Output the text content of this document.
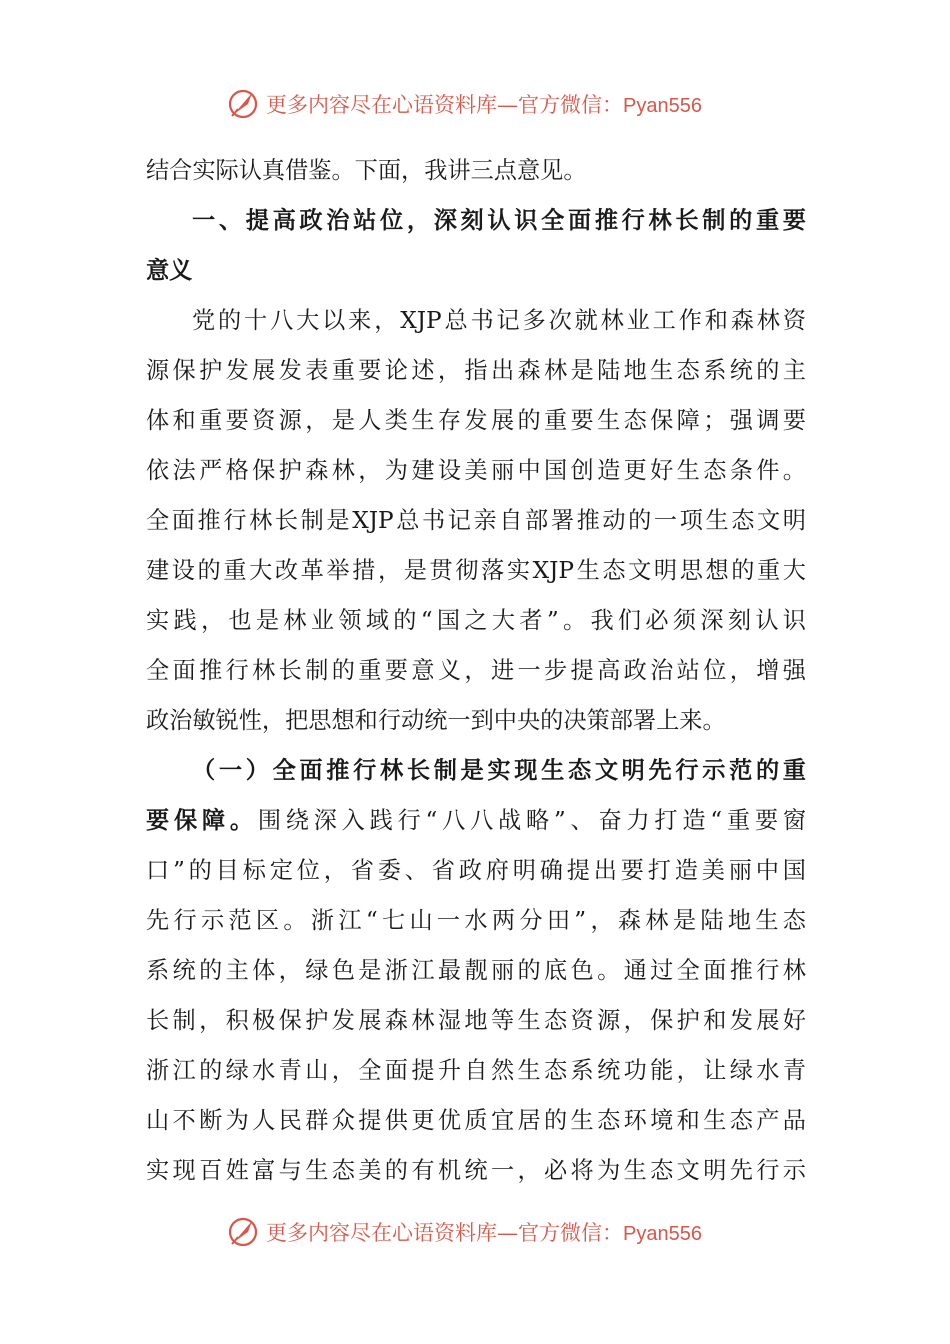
更多内容尽在心语资料库—官方微信：Pyan556
结合实际认真借鉴。下面，我讲三点意见。
一、提高政治站位，深刻认识全面推行林长制的重要
意义
党的十八大以来，XJP总书记多次就林业工作和森林资
源保护发展发表重要论述，指出森林是陆地生态系统的主
体和重要资源，是人类生存发展的重要生态保障；强调要
依法严格保护森林，为建设美丽中国创造更好生态条件。
全面推行林长制是XJP总书记亲自部署推动的一项生态文明
建设的重大改革举措，是贯彻落实XJP生态文明思想的重大
实践，也是林业领域的“国之大者”。我们必须深刻认识
全面推行林长制的重要意义，进一步提高政治站位，增强
政治敏锐性，把思想和行动统一到中央的决策部署上来。
（一）全面推行林长制是实现生态文明先行示范的重
要保障。围绕深入践行“八八战略”、奋力打造“重要窗
口”的目标定位，省委、省政府明确提出要打造美丽中国
先行示范区。浙江“七山一水两分田”，森林是陆地生态
系统的主体，绿色是浙江最靓丽的底色。通过全面推行林
长制，积极保护发展森林湿地等生态资源，保护和发展好
浙江的绿水青山，全面提升自然生态系统功能，让绿水青
山不断为人民群众提供更优质宜居的生态环境和生态产品
实现百姓富与生态美的有机统一，必将为生态文明先行示
更多内容尽在心语资料库—官方微信：Pyan556
